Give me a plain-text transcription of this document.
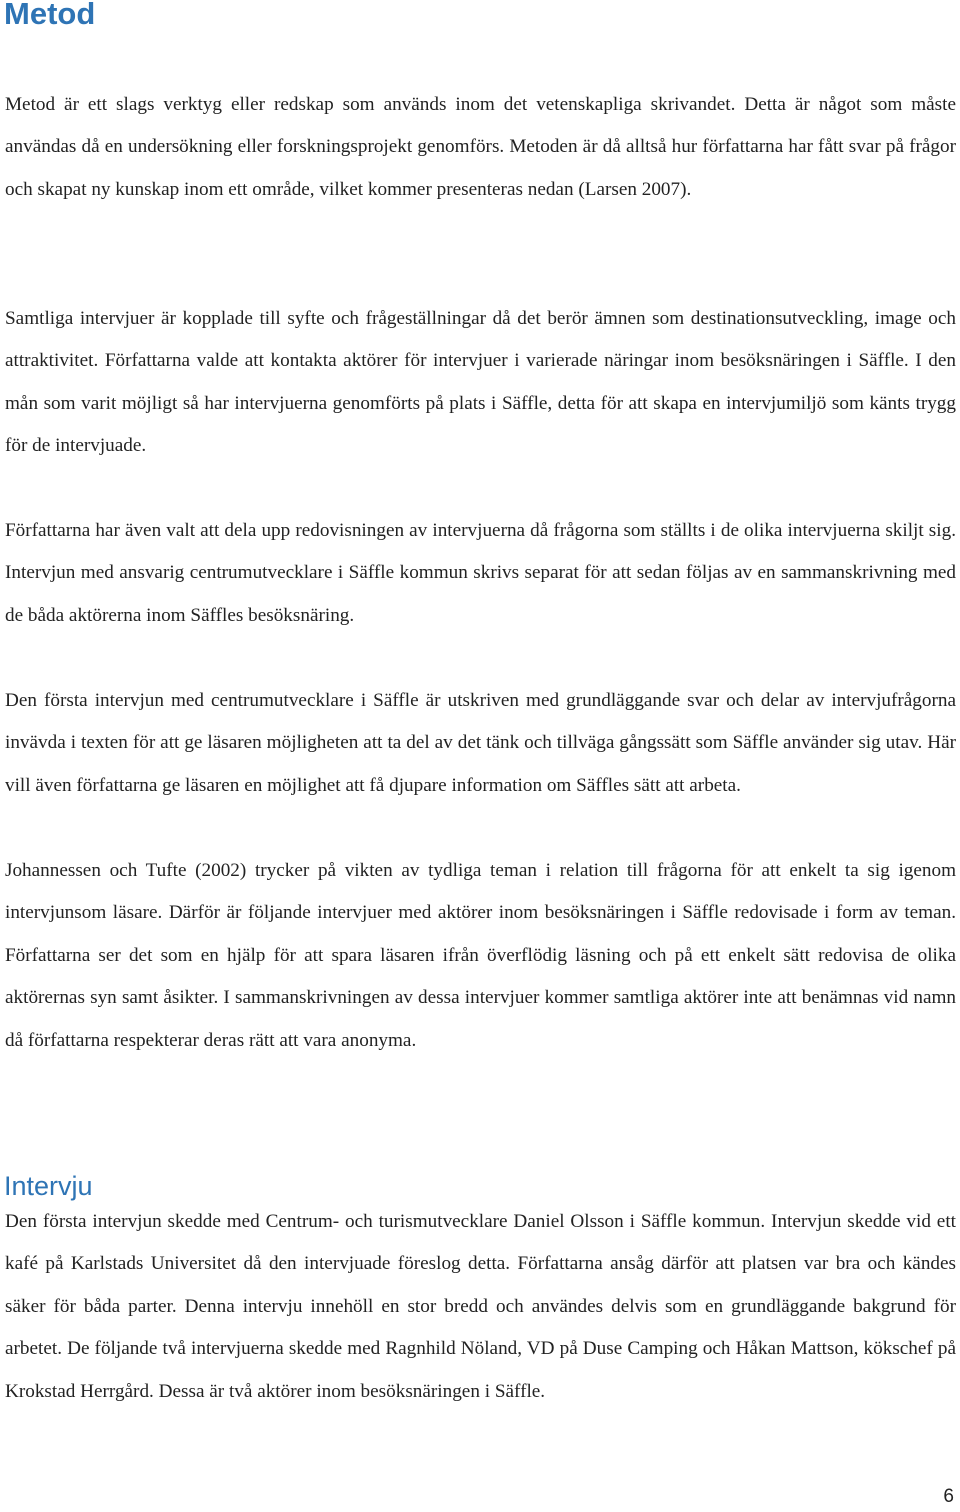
Metod

Metod är ett slags verktyg eller redskap som används inom det vetenskapliga skrivandet. Detta är något som måste användas då en undersökning eller forskningsprojekt genomförs. Metoden är då alltså hur författarna har fått svar på frågor och skapat ny kunskap inom ett område, vilket kommer presenteras nedan (Larsen 2007).

Samtliga intervjuer är kopplade till syfte och frågeställningar då det berör ämnen som destinationsutveckling, image och attraktivitet. Författarna valde att kontakta aktörer för intervjuer i varierade näringar inom besöksnäringen i Säffle. I den mån som varit möjligt så har intervjuerna genomförts på plats i Säffle, detta för att skapa en intervjumiljö som känts trygg för de intervjuade.

Författarna har även valt att dela upp redovisningen av intervjuerna då frågorna som ställts i de olika intervjuerna skiljt sig. Intervjun med ansvarig centrumutvecklare i Säffle kommun skrivs separat för att sedan följas av en sammanskrivning med de båda aktörerna inom Säffles besöksnäring.

Den första intervjun med centrumutvecklare i Säffle är utskriven med grundläggande svar och delar av intervjufrågorna invävda i texten för att ge läsaren möjligheten att ta del av det tänk och tillväga gångssätt som Säffle använder sig utav. Här vill även författarna ge läsaren en möjlighet att få djupare information om Säffles sätt att arbeta.

Johannessen och Tufte (2002) trycker på vikten av tydliga teman i relation till frågorna för att enkelt ta sig igenom intervjunsom läsare. Därför är följande intervjuer med aktörer inom besöksnäringen i Säffle redovisade i form av teman. Författarna ser det som en hjälp för att spara läsaren ifrån överflödig läsning och på ett enkelt sätt redovisa de olika aktörernas syn samt åsikter. I sammanskrivningen av dessa intervjuer kommer samtliga aktörer inte att benämnas vid namn då författarna respekterar deras rätt att vara anonyma.

Intervju

Den första intervjun skedde med Centrum- och turismutvecklare Daniel Olsson i Säffle kommun. Intervjun skedde vid ett kafé på Karlstads Universitet då den intervjuade föreslog detta. Författarna ansåg därför att platsen var bra och kändes säker för båda parter. Denna intervju innehöll en stor bredd och användes delvis som en grundläggande bakgrund för arbetet. De följande två intervjuerna skedde med Ragnhild Nöland, VD på Duse Camping och Håkan Mattson, kökschef på Krokstad Herrgård. Dessa är två aktörer inom besöksnäringen i Säffle.

6
